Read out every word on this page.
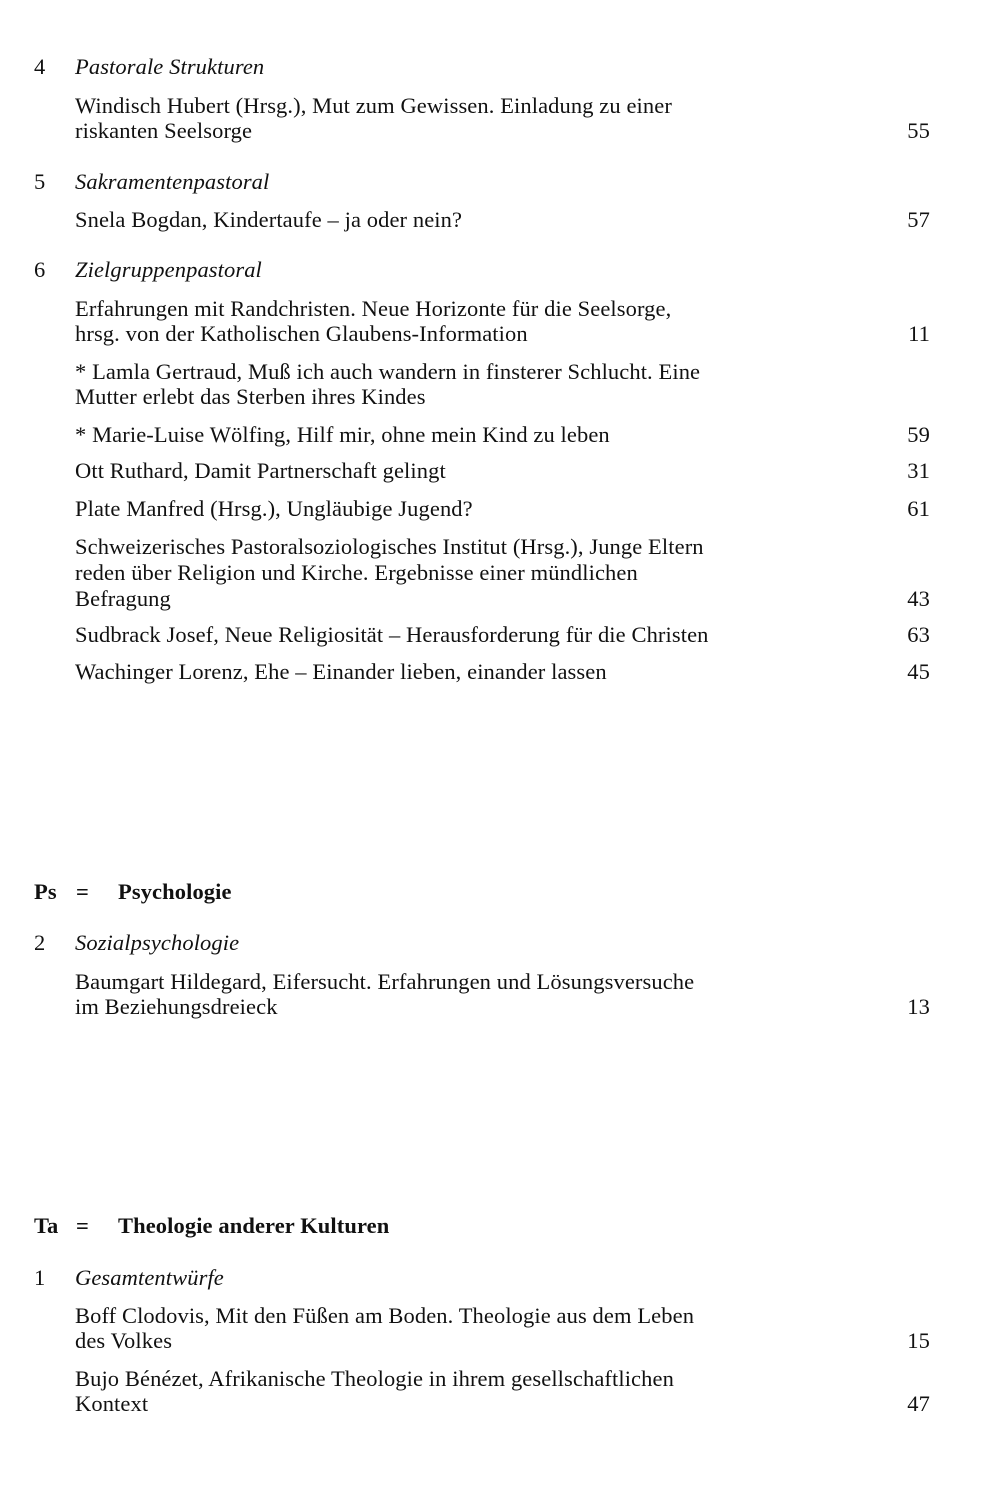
4 Pastorale Strukturen
Windisch Hubert (Hrsg.), Mut zum Gewissen. Einladung zu einer
riskanten Seelsorge	55
5 Sakramentenpastoral
Snela Bogdan, Kindertaufe – ja oder nein?	57
6 Zielgruppenpastoral
Erfahrungen mit Randchristen. Neue Horizonte für die Seelsorge,
hrsg. von der Katholischen Glaubens-Information	11
* Lamla Gertraud, Muß ich auch wandern in finsterer Schlucht. Eine
Mutter erlebt das Sterben ihres Kindes
* Marie-Luise Wölfing, Hilf mir, ohne mein Kind zu leben	59
Ott Ruthard, Damit Partnerschaft gelingt	31
Plate Manfred (Hrsg.), Ungläubige Jugend?	61
Schweizerisches Pastoralsoziologisches Institut (Hrsg.), Junge Eltern
reden über Religion und Kirche. Ergebnisse einer mündlichen
Befragung	43
Sudbrack Josef, Neue Religiosität – Herausforderung für die Christen	63
Wachinger Lorenz, Ehe – Einander lieben, einander lassen	45
Ps = Psychologie
2 Sozialpsychologie
Baumgart Hildegard, Eifersucht. Erfahrungen und Lösungsversuche
im Beziehungsdreieck	13
Ta = Theologie anderer Kulturen
1 Gesamtentwürfe
Boff Clodovis, Mit den Füßen am Boden. Theologie aus dem Leben
des Volkes	15
Bujo Bénézet, Afrikanische Theologie in ihrem gesellschaftlichen
Kontext	47
